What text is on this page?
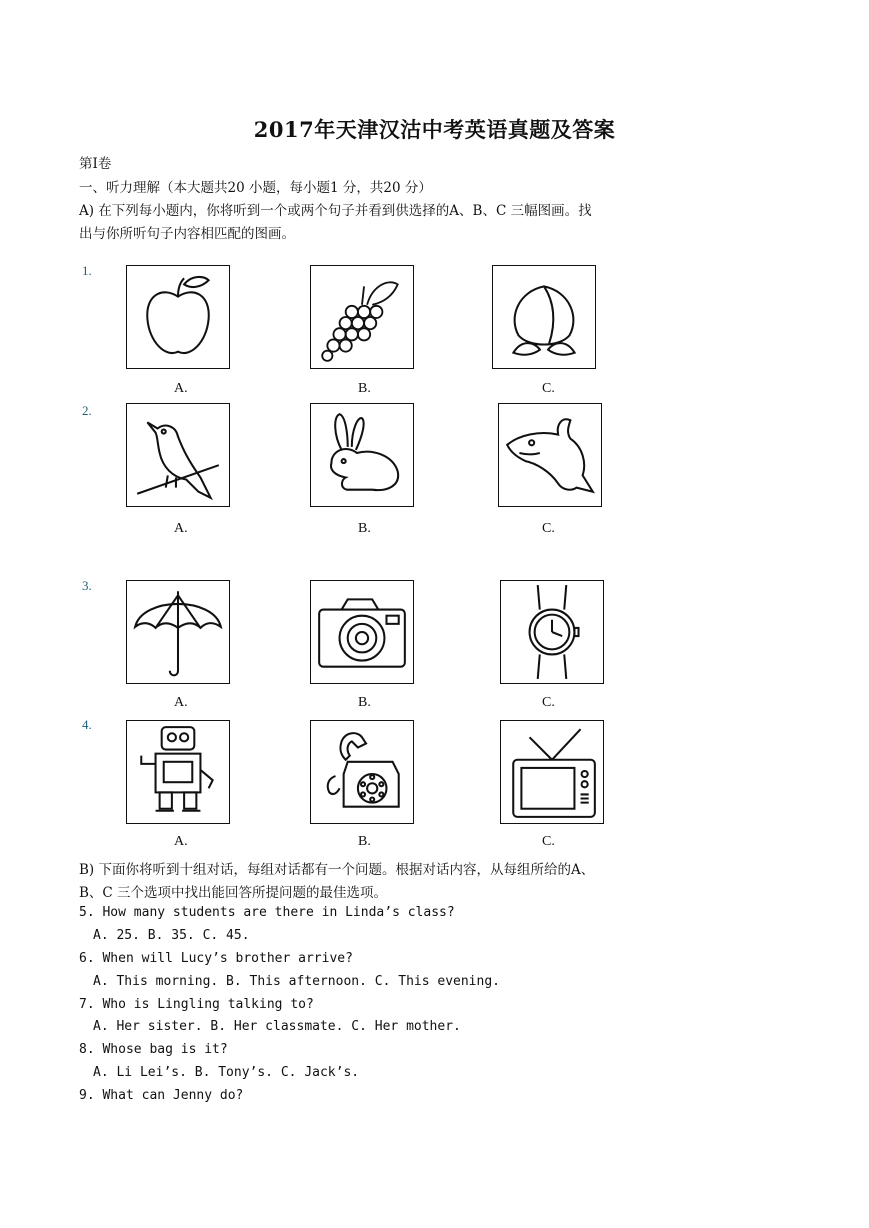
2017年天津汉沽中考英语真题及答案
第Ⅰ卷
一、听力理解（本大题共20 小题，每小题1 分，共20 分）
A) 在下列每小题内，你将听到一个或两个句子并看到供选择的A、B、C 三幅图画。找
出与你所听句子内容相匹配的图画。
1.
A.	B.	C.
2.
A.	B.	C.
3.
A.	B.	C.
4.
A.	B.	C.
B) 下面你将听到十组对话，每组对话都有一个问题。根据对话内容，从每组所给的A、
B、C 三个选项中找出能回答所提问题的最佳选项。
5. How many students are there in Linda’s class?
A. 25. B. 35. C. 45.
6. When will Lucy’s brother arrive?
A. This morning. B. This afternoon. C. This evening.
7. Who is Lingling talking to?
A. Her sister. B. Her classmate. C. Her mother.
8. Whose bag is it?
A. Li Lei’s. B. Tony’s. C. Jack’s.
9. What can Jenny do?
